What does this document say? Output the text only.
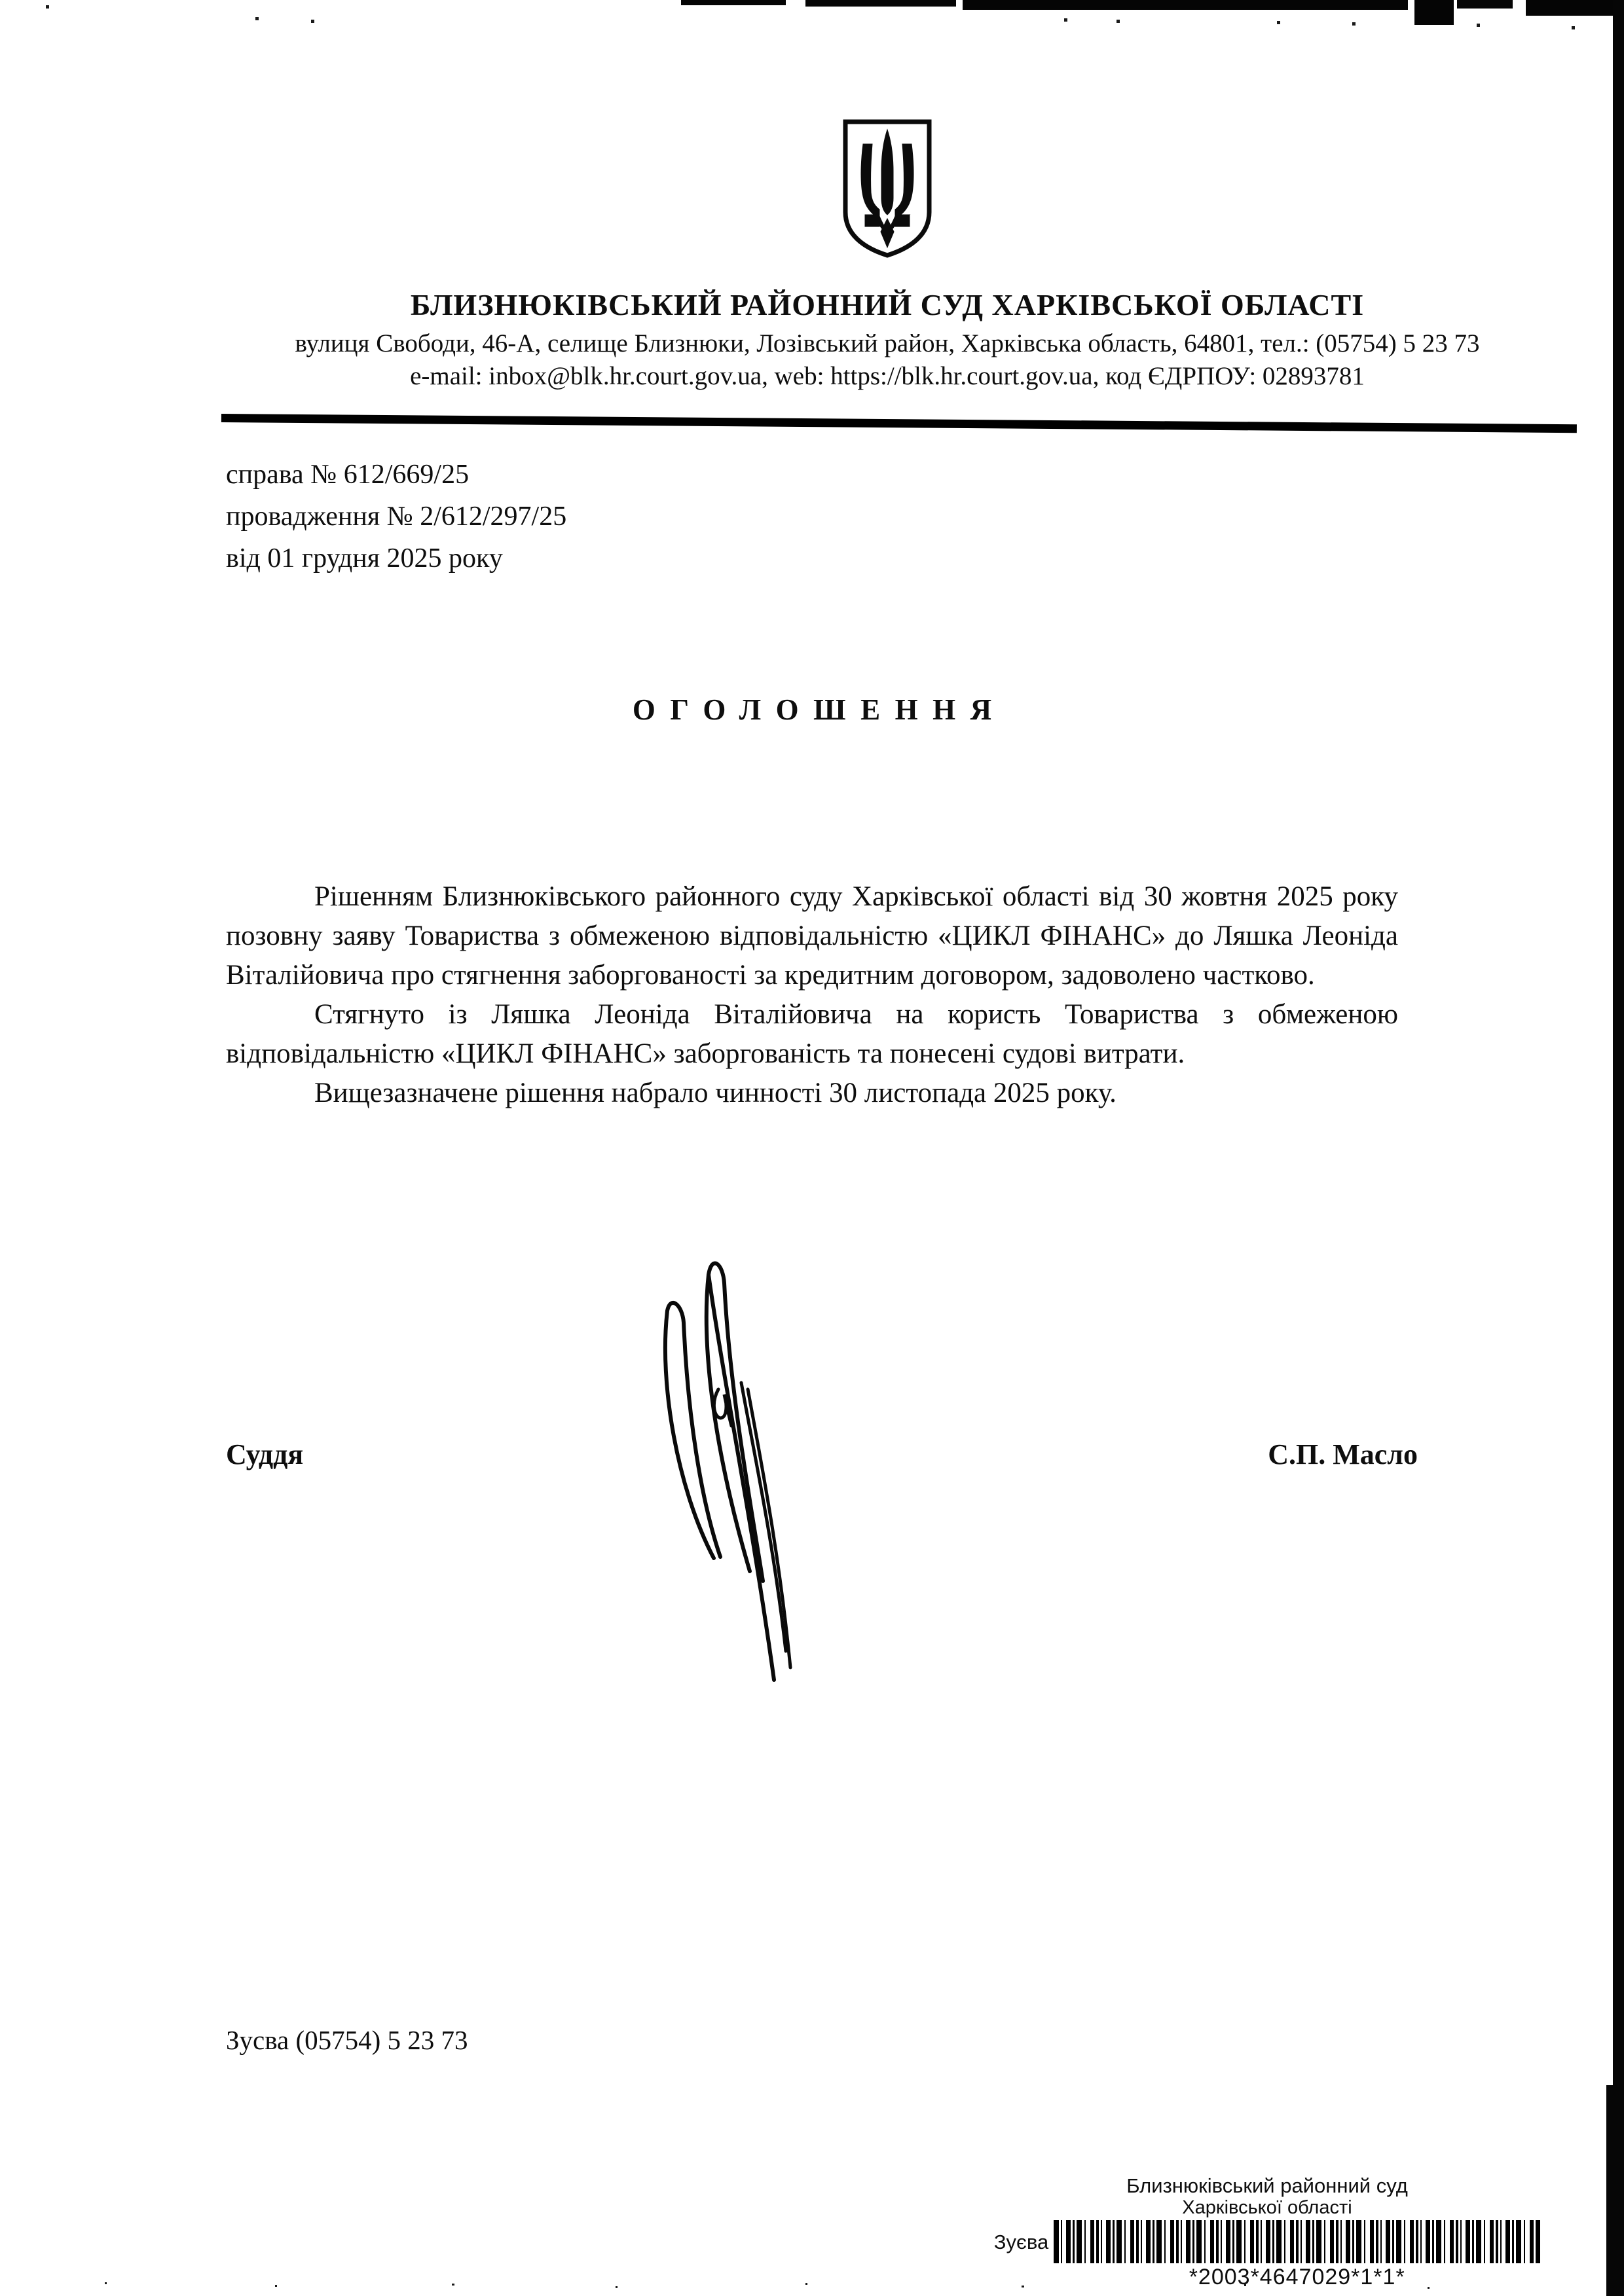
БЛИЗНЮКІВСЬКИЙ РАЙОННИЙ СУД ХАРКІВСЬКОЇ ОБЛАСТІ
вулиця Свободи, 46-А, селище Близнюки, Лозівський район, Харківська область, 64801, тел.: (05754) 5 23 73
e-mail: inbox@blk.hr.court.gov.ua, web: https://blk.hr.court.gov.ua, код ЄДРПОУ: 02893781
справа № 612/669/25
провадження № 2/612/297/25
від 01 грудня 2025 року
ОГОЛОШЕННЯ

Рішенням Близнюківського районного суду Харківської області від 30 жовтня 2025 року позовну заяву Товариства з обмеженою відповідальністю «ЦИКЛ ФІНАНС» до Ляшка Леоніда Віталійовича про стягнення заборгованості за кредитним договором, задоволено частково.

Стягнуто із Ляшка Леоніда Віталійовича на користь Товариства з обмеженою відповідальністю «ЦИКЛ ФІНАНС» заборгованість та понесені судові витрати.

Вищезазначене рішення набрало чинності 30 листопада 2025 року.

Суддя	С.П. Масло
Зусва (05754) 5 23 73
Близнюківський районний суд
Харківської області
Зуєва
*2003*4647029*1*1*
